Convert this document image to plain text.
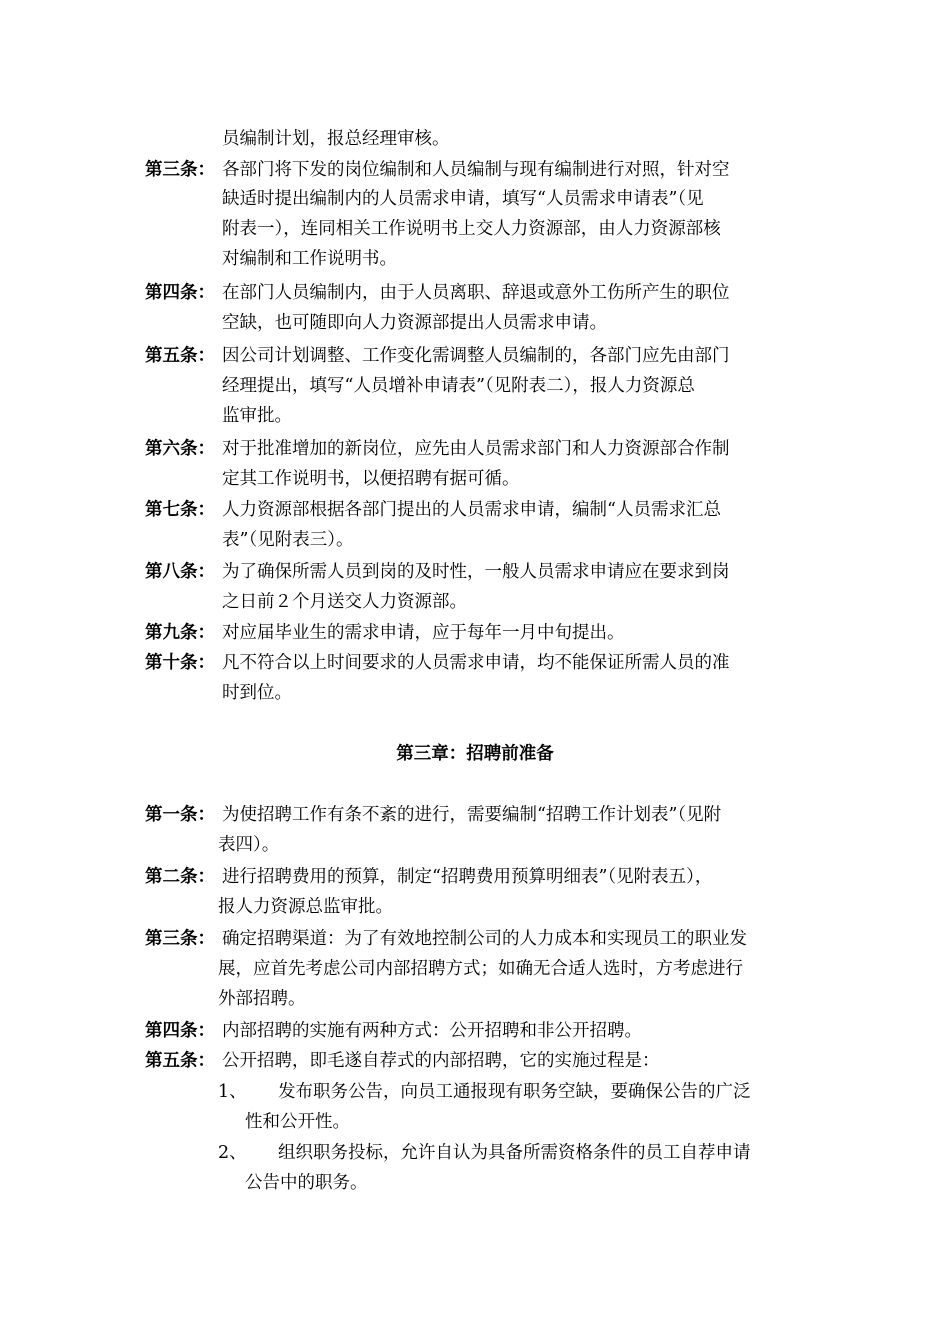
员编制计划，报总经理审核。
第三条： 各部门将下发的岗位编制和人员编制与现有编制进行对照，针对空
缺适时提出编制内的人员需求申请，填写“人员需求申请表”（见
附表一），连同相关工作说明书上交人力资源部，由人力资源部核
对编制和工作说明书。
第四条： 在部门人员编制内，由于人员离职、辞退或意外工伤所产生的职位
空缺，也可随即向人力资源部提出人员需求申请。
第五条： 因公司计划调整、工作变化需调整人员编制的，各部门应先由部门
经理提出，填写“人员增补申请表”（见附表二），报人力资源总
监审批。
第六条： 对于批准增加的新岗位，应先由人员需求部门和人力资源部合作制
定其工作说明书，以便招聘有据可循。
第七条： 人力资源部根据各部门提出的人员需求申请，编制“人员需求汇总
表”（见附表三）。
第八条： 为了确保所需人员到岗的及时性，一般人员需求申请应在要求到岗
之日前２个月送交人力资源部。
第九条： 对应届毕业生的需求申请，应于每年一月中旬提出。
第十条： 凡不符合以上时间要求的人员需求申请，均不能保证所需人员的准
时到位。
第三章：招聘前准备
第一条： 为使招聘工作有条不紊的进行，需要编制“招聘工作计划表”（见附
表四）。
第二条： 进行招聘费用的预算，制定“招聘费用预算明细表”（见附表五），
报人力资源总监审批。
第三条： 确定招聘渠道：为了有效地控制公司的人力成本和实现员工的职业发
展，应首先考虑公司内部招聘方式；如确无合适人选时，方考虑进行
外部招聘。
第四条： 内部招聘的实施有两种方式：公开招聘和非公开招聘。
第五条： 公开招聘，即毛遂自荐式的内部招聘，它的实施过程是：
1、 发布职务公告，向员工通报现有职务空缺，要确保公告的广泛
性和公开性。
2、 组织职务投标，允许自认为具备所需资格条件的员工自荐申请
公告中的职务。
